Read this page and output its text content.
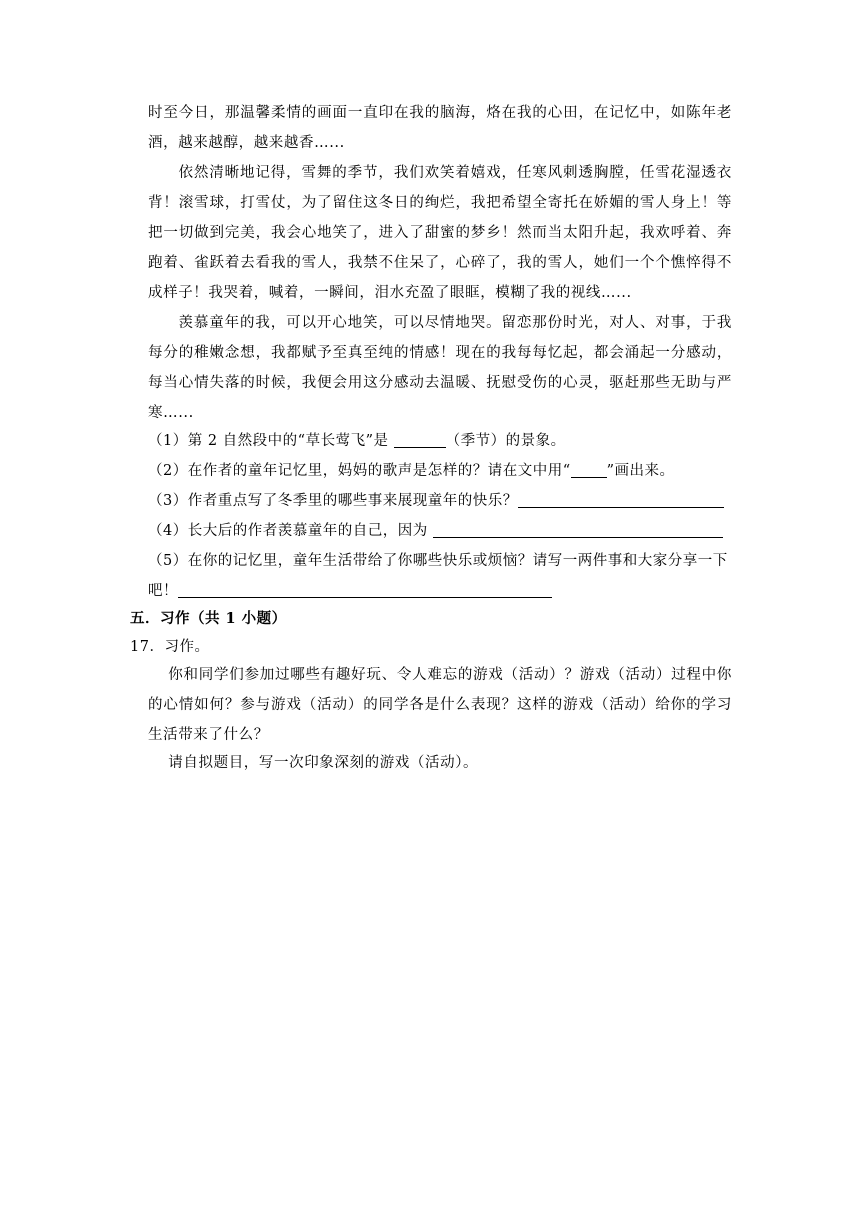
时至今日，那温馨柔情的画面一直印在我的脑海，烙在我的心田，在记忆中，如陈年老酒，越来越醇，越来越香…...

依然清晰地记得，雪舞的季节，我们欢笑着嬉戏，任寒风刺透胸膛，任雪花湿透衣背！滚雪球，打雪仗，为了留住这冬日的绚烂，我把希望全寄托在娇媚的雪人身上！等把一切做到完美，我会心地笑了，进入了甜蜜的梦乡！然而当太阳升起，我欢呼着、奔跑着、雀跃着去看我的雪人，我禁不住呆了，心碎了，我的雪人，她们一个个憔悴得不成样子！我哭着，喊着，一瞬间，泪水充盈了眼眶，模糊了我的视线…...

羡慕童年的我，可以开心地笑，可以尽情地哭。留恋那份时光，对人、对事，于我每分的稚嫩念想，我都赋予至真至纯的情感！现在的我每每忆起，都会涌起一分感动，每当心情失落的时候，我便会用这分感动去温暖、抚慰受伤的心灵，驱赶那些无助与严寒…...

（1）第 2 自然段中的“草长莺飞”是	（季节）的景象。

（2）在作者的童年记忆里，妈妈的歌声是怎样的？请在文中用“ ”画出来。

（3）作者重点写了冬季里的哪些事来展现童年的快乐？

（4）长大后的作者羡慕童年的自己，因为

（5）在你的记忆里，童年生活带给了你哪些快乐或烦恼？请写一两件事和大家分享一下吧！

五．习作（共 1 小题）

17．习作。

你和同学们参加过哪些有趣好玩、令人难忘的游戏（活动）？游戏（活动）过程中你的心情如何？参与游戏（活动）的同学各是什么表现？这样的游戏（活动）给你的学习生活带来了什么？

请自拟题目，写一次印象深刻的游戏（活动）。
